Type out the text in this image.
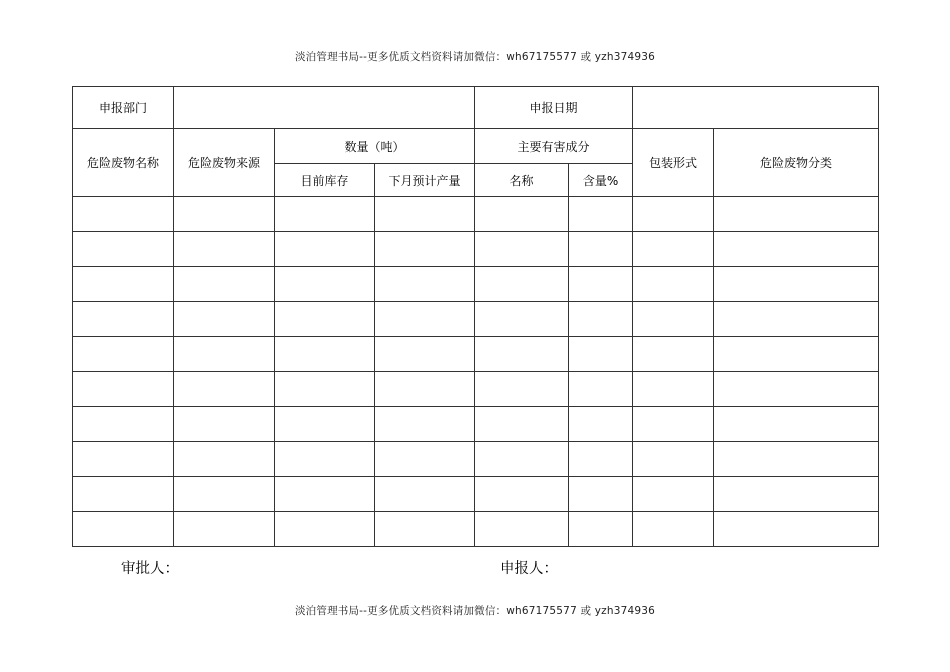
淡泊管理书局--更多优质文档资料请加微信：wh67175577 或 yzh374936
申报部门				申报日期			
危险废物名称	危险废物来源	数量（吨）		主要有害成分		包装形式	危险废物分类
		目前库存	下月预计产量	名称	含量%		

审批人：	申报人：
淡泊管理书局--更多优质文档资料请加微信：wh67175577 或 yzh374936
